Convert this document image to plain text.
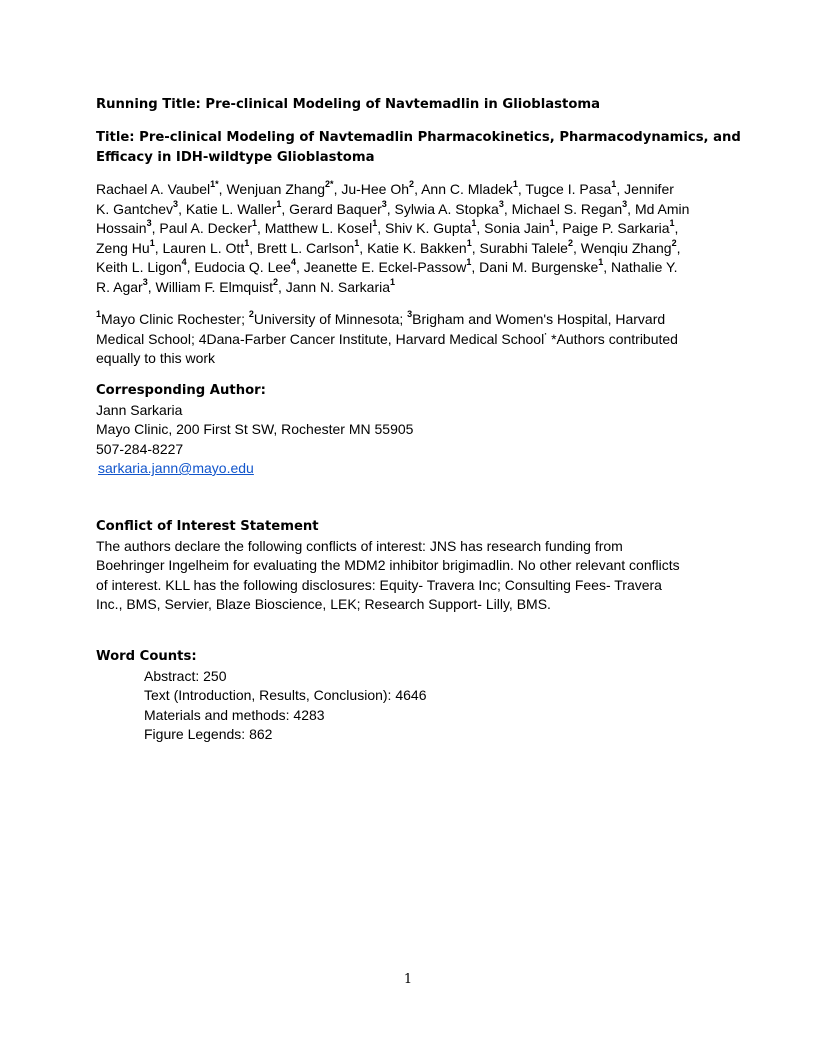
Running Title: Pre-clinical Modeling of Navtemadlin in Glioblastoma
Title: Pre-clinical Modeling of Navtemadlin Pharmacokinetics, Pharmacodynamics, and
Efficacy in IDH-wildtype Glioblastoma
Rachael A. Vaubel$^{1*}$, Wenjuan Zhang$^{2*}$, Ju-Hee Oh$^2$, Ann C. Mladek$^1$, Tugce I. Pasa$^1$, Jennifer
K. Gantchev$^3$, Katie L. Waller$^1$, Gerard Baquer$^3$, Sylwia A. Stopka$^3$, Michael S. Regan$^3$, Md Amin
Hossain$^3$, Paul A. Decker$^1$, Matthew L. Kosel$^1$, Shiv K. Gupta$^1$, Sonia Jain$^1$, Paige P. Sarkaria$^1$,
Zeng Hu$^1$, Lauren L. Ott$^1$, Brett L. Carlson$^1$, Katie K. Bakken$^1$, Surabhi Talele$^2$, Wenqiu Zhang$^2$,
Keith L. Ligon$^4$, Eudocia Q. Lee$^4$, Jeanette E. Eckel-Passow$^1$, Dani M. Burgenske$^1$, Nathalie Y.
R. Agar$^3$, William F. Elmquist$^2$, Jann N. Sarkaria$^1$
$^1$Mayo Clinic Rochester; $^2$University of Minnesota; $^3$Brigham and Women's Hospital, Harvard
Medical School; 4Dana-Farber Cancer Institute, Harvard Medical School· *Authors contributed
equally to this work
Corresponding Author:
Jann Sarkaria
Mayo Clinic, 200 First St SW, Rochester MN 55905
507-284-8227
sarkaria.jann@mayo.edu
Conflict of Interest Statement
The authors declare the following conflicts of interest: JNS has research funding from
Boehringer Ingelheim for evaluating the MDM2 inhibitor brigimadlin. No other relevant conflicts
of interest. KLL has the following disclosures: Equity- Travera Inc; Consulting Fees- Travera
Inc., BMS, Servier, Blaze Bioscience, LEK; Research Support- Lilly, BMS.
Word Counts:
Abstract: 250
Text (Introduction, Results, Conclusion): 4646
Materials and methods: 4283
Figure Legends: 862
1
